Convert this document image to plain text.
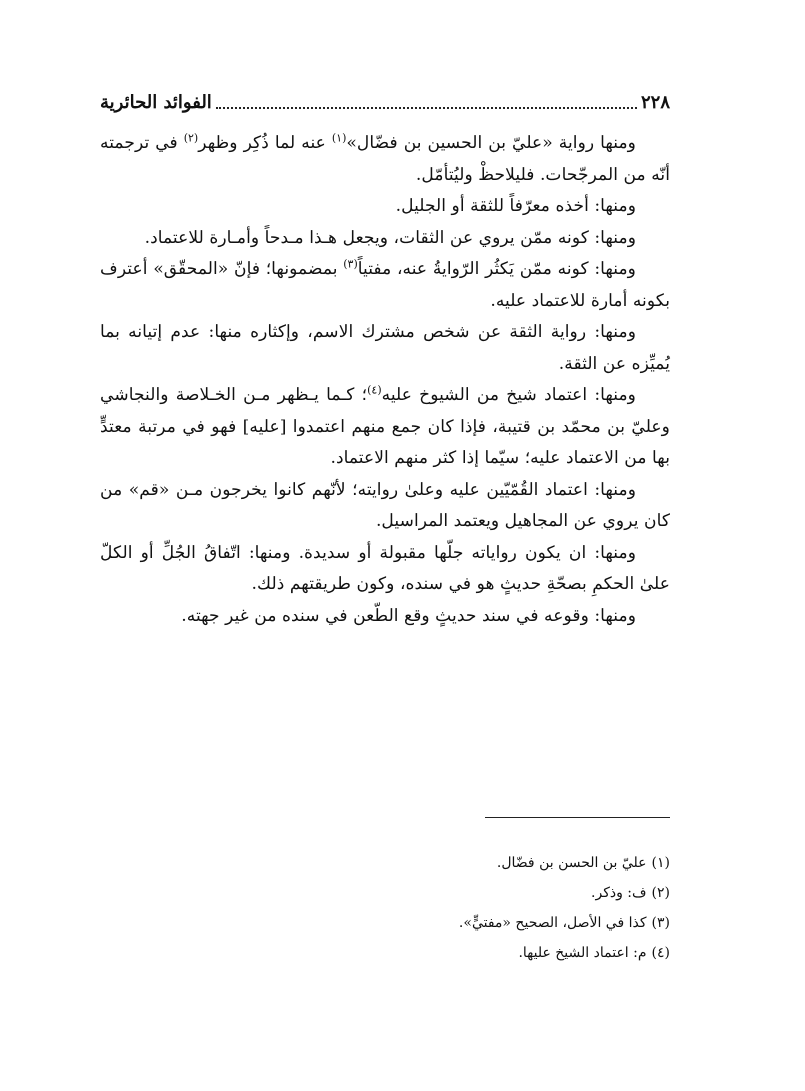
٢٢٨
الفوائد الحائرية

ومنها رواية «عليّ بن الحسين بن فضّال»$^{(١)}$ عنه لما ذُكِر وظهر$^{(٢)}$ في ترجمته أنّه من المرجّحات. فليلاحظْ وليُتأمّل.

ومنها: أخذه معرّفاً للثقة أو الجليل.

ومنها: كونه ممّن يروي عن الثقات، ويجعل هـذا مـدحاً وأمـارة للاعتماد.

ومنها: كونه ممّن يَكثُر الرّوايةُ عنه، مفتياً$^{(٣)}$ بمضمونها؛ فإنّ «المحقّق» أعترف بكونه أمارة للاعتماد عليه.

ومنها: رواية الثقة عن شخص مشترك الاسم، وإكثاره منها: عدم إتيانه بما يُميِّزه عن الثقة.

ومنها: اعتماد شيخ من الشيوخ عليه$^{(٤)}$؛ كـما يـظهر مـن الخـلاصة والنجاشي وعليّ بن محمّد بن قتيبة، فإذا كان جمع منهم اعتمدوا [عليه] فهو في مرتبة معتدٍّ بها من الاعتماد عليه؛ سيّما إذا كثر منهم الاعتماد.

ومنها: اعتماد القُمّيّين عليه وعلىٰ روايته؛ لأنّهم كانوا يخرجون مـن «قم» من كان يروي عن المجاهيل ويعتمد المراسيل.

ومنها: ان يكون رواياته جلّها مقبولة أو سديدة. ومنها: اتّفاقُ الجُلِّ أو الكلّ علىٰ الحكمِ بصحّةِ حديثٍ هو في سنده، وكون طريقتهم ذلك.

ومنها: وقوعه في سند حديثٍ وقع الطّعن في سنده من غير جهته.

(١)عليّ بن الحسن بن فضّال.

(٢)ف: وذكر.

(٣)كذا في الأصل، الصحيح «مفتيٍّ».

(٤)م: اعتماد الشيخ عليها.
